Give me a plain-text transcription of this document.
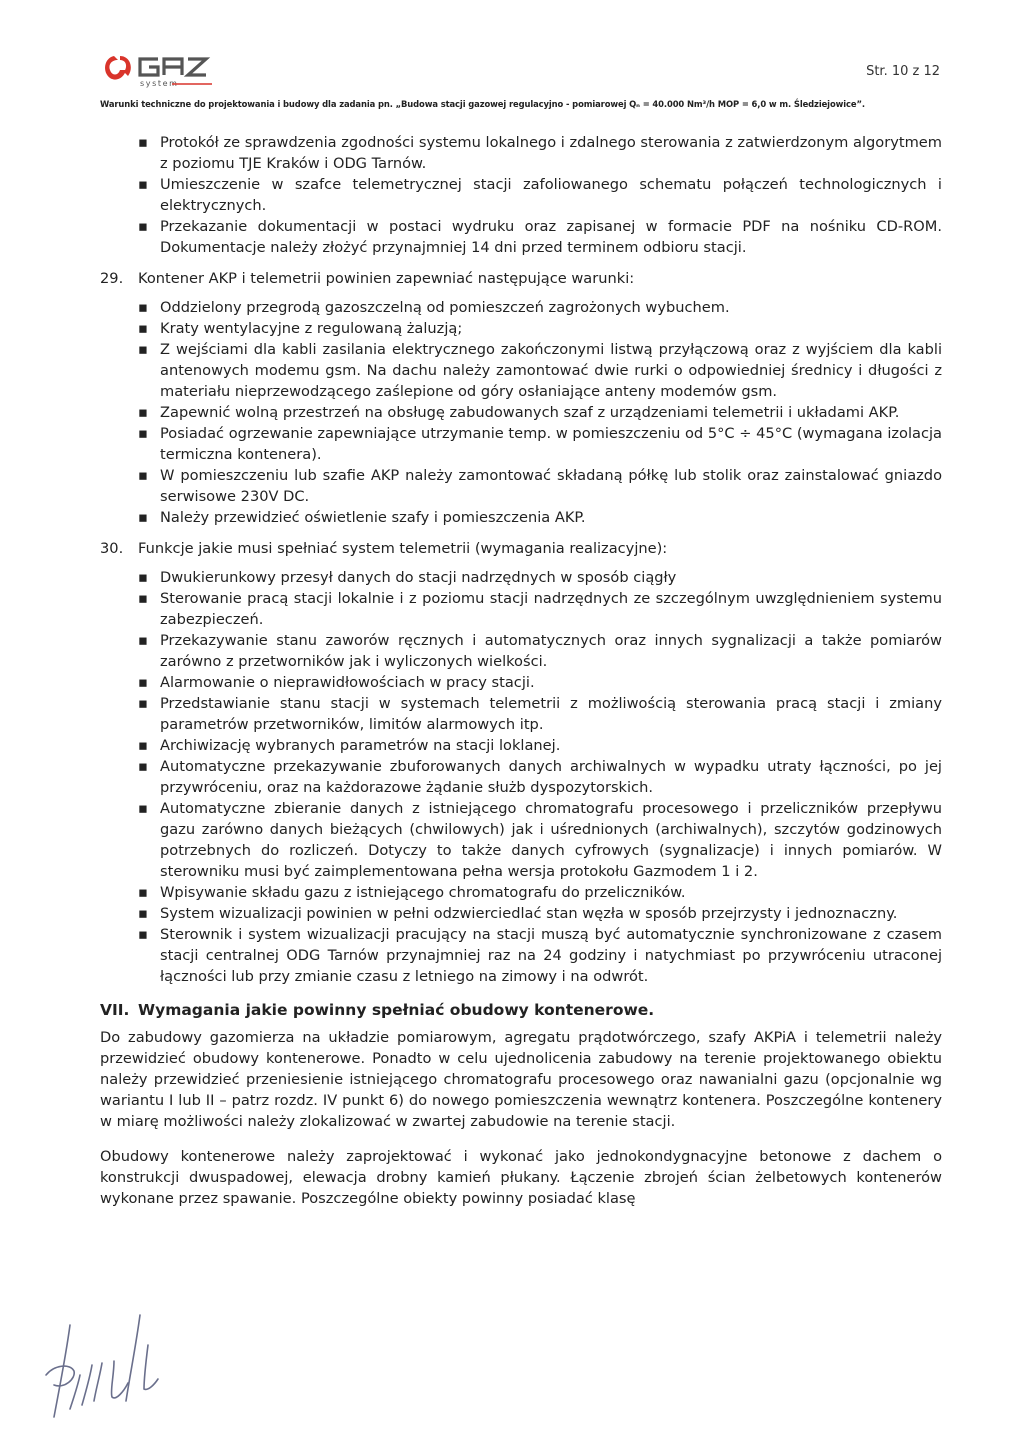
system
Str. 10 z 12
Warunki techniczne do projektowania i budowy dla zadania pn. „Budowa stacji gazowej regulacyjno - pomiarowej Qₙ = 40.000 Nm³/h MOP = 6,0 w m. Śledziejowice”.
▪ Protokół ze sprawdzenia zgodności systemu lokalnego i zdalnego sterowania z zatwierdzonym algorytmem z poziomu TJE Kraków i ODG Tarnów.
▪ Umieszczenie w szafce telemetrycznej stacji zafoliowanego schematu połączeń technologicznych i elektrycznych.
▪ Przekazanie dokumentacji w postaci wydruku oraz zapisanej w formacie PDF na nośniku CD-ROM. Dokumentacje należy złożyć przynajmniej 14 dni przed terminem odbioru stacji.

29.	Kontener AKP i telemetrii powinien zapewniać następujące warunki:

▪ Oddzielony przegrodą gazoszczelną od pomieszczeń zagrożonych wybuchem.
▪ Kraty wentylacyjne z regulowaną żaluzją;
▪ Z wejściami dla kabli zasilania elektrycznego zakończonymi listwą przyłączową oraz z wyjściem dla kabli antenowych modemu gsm. Na dachu należy zamontować dwie rurki o odpowiedniej średnicy i długości z materiału nieprzewodzącego zaślepione od góry osłaniające anteny modemów gsm.
▪ Zapewnić wolną przestrzeń na obsługę zabudowanych szaf z urządzeniami telemetrii i układami AKP.
▪ Posiadać ogrzewanie zapewniające utrzymanie temp. w pomieszczeniu od 5°C ÷ 45°C (wymagana izolacja termiczna kontenera).
▪ W pomieszczeniu lub szafie AKP należy zamontować składaną półkę lub stolik oraz zainstalować gniazdo serwisowe 230V DC.
▪ Należy przewidzieć oświetlenie szafy i pomieszczenia AKP.

30.	Funkcje jakie musi spełniać system telemetrii (wymagania realizacyjne):

▪ Dwukierunkowy przesył danych do stacji nadrzędnych w sposób ciągły
▪ Sterowanie pracą stacji lokalnie i z poziomu stacji nadrzędnych ze szczególnym uwzględnieniem systemu zabezpieczeń.
▪ Przekazywanie stanu zaworów ręcznych i automatycznych oraz innych sygnalizacji a także pomiarów zarówno z przetworników jak i wyliczonych wielkości.
▪ Alarmowanie o nieprawidłowościach w pracy stacji.
▪ Przedstawianie stanu stacji w systemach telemetrii z możliwością sterowania pracą stacji i zmiany parametrów przetworników, limitów alarmowych itp.
▪ Archiwizację wybranych parametrów na stacji loklanej.
▪ Automatyczne przekazywanie zbuforowanych danych archiwalnych w wypadku utraty łączności, po jej przywróceniu, oraz na każdorazowe żądanie służb dyspozytorskich.
▪ Automatyczne zbieranie danych z istniejącego chromatografu procesowego i przeliczników przepływu gazu zarówno danych bieżących (chwilowych) jak i uśrednionych (archiwalnych), szczytów godzinowych potrzebnych do rozliczeń. Dotyczy to także danych cyfrowych (sygnalizacje) i innych pomiarów. W sterowniku musi być zaimplementowana pełna wersja protokołu Gazmodem 1 i 2.
▪ Wpisywanie składu gazu z istniejącego chromatografu do przeliczników.
▪ System wizualizacji powinien w pełni odzwierciedlać stan węzła w sposób przejrzysty i jednoznaczny.
▪ Sterownik i system wizualizacji pracujący na stacji muszą być automatycznie synchronizowane z czasem stacji centralnej ODG Tarnów przynajmniej raz na 24 godziny i natychmiast po przywróceniu utraconej łączności lub przy zmianie czasu z letniego na zimowy i na odwrót.
VII. Wymagania jakie powinny spełniać obudowy kontenerowe.

Do zabudowy gazomierza na układzie pomiarowym, agregatu prądotwórczego, szafy AKPiA i telemetrii należy przewidzieć obudowy kontenerowe. Ponadto w celu ujednolicenia zabudowy na terenie projektowanego obiektu należy przewidzieć przeniesienie istniejącego chromatografu procesowego oraz nawanialni gazu (opcjonalnie wg wariantu I lub II – patrz rozdz. IV punkt 6) do nowego pomieszczenia wewnątrz kontenera. Poszczególne kontenery w miarę możliwości należy zlokalizować w zwartej zabudowie na terenie stacji.

Obudowy kontenerowe należy zaprojektować i wykonać jako jednokondygnacyjne betonowe z dachem o konstrukcji dwuspadowej, elewacja drobny kamień płukany. Łączenie zbrojeń ścian żelbetowych kontenerów wykonane przez spawanie. Poszczególne obiekty powinny posiadać klasę
